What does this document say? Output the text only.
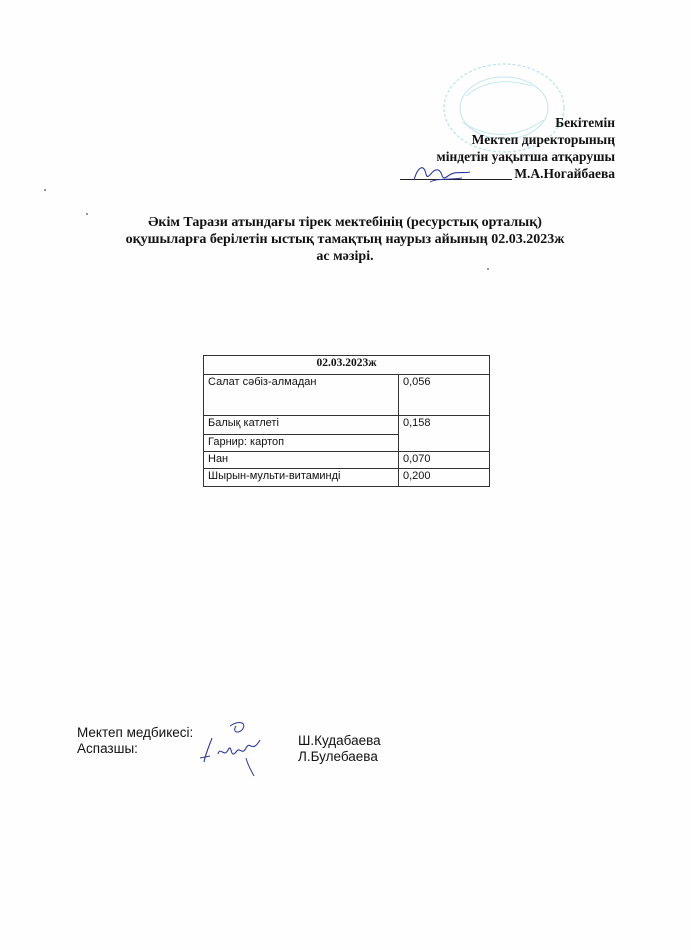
Бекітемін
Мектеп директорының
міндетін уақытша атқарушы
М.А.Ногайбаева
Әкім Тарази атындағы тірек мектебінің (ресурстық орталық)
оқушыларға берілетін ыстық тамақтың наурыз айының 02.03.2023ж
ас мәзірі.
02.03.2023ж	
Салат сәбіз-алмадан	0,056
Балық катлеті	0,158
Гарнир: картоп	
Нан	0,070
Шырын-мульти-витаминді	0,200
Мектеп медбикесі:
Аспазшы:
Ш.Кудабаева
Л.Булебаева
